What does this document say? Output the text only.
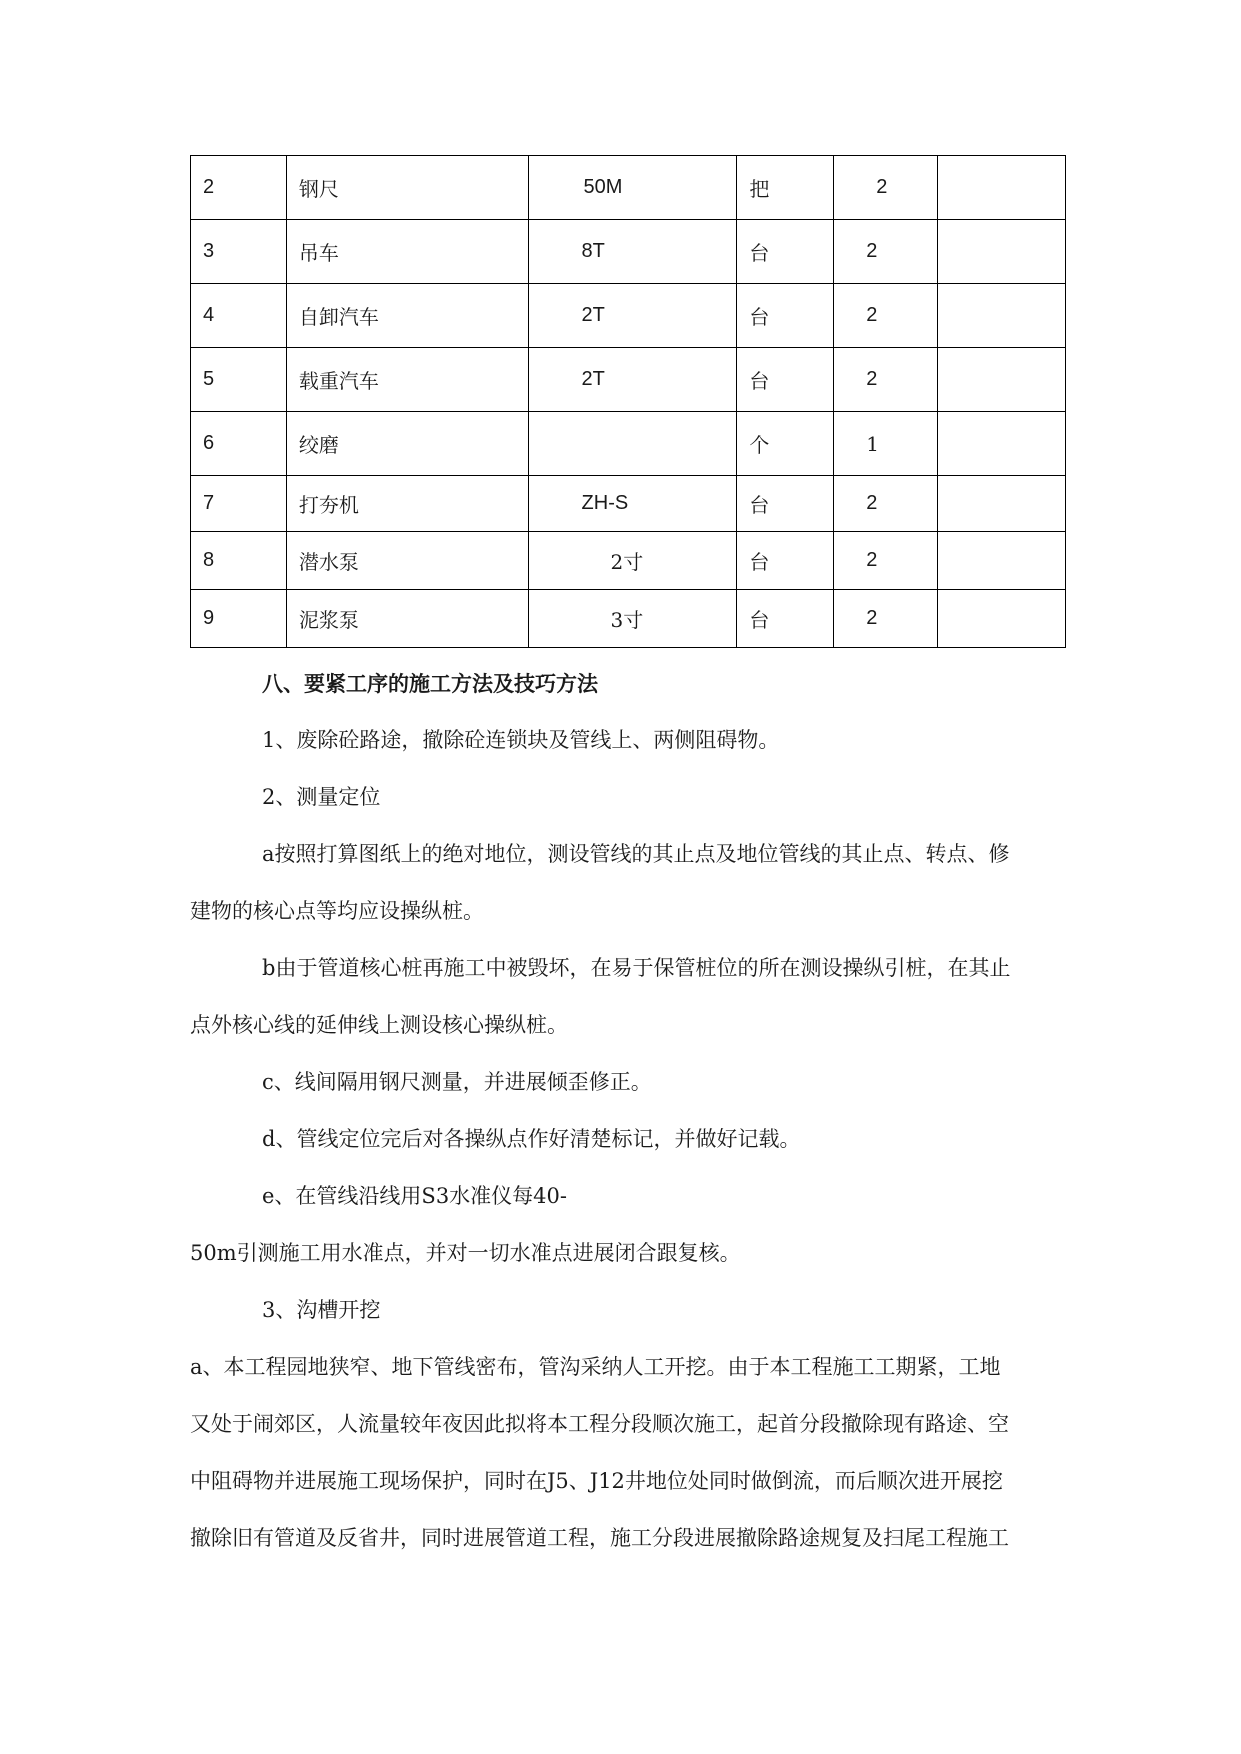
2	钢尺	50M	把	2	
3	吊车	8T	台	2	
4	自卸汽车	2T	台	2	
5	载重汽车	2T	台	2	
6	绞磨		个	1	
7	打夯机	ZH-S	台	2	
8	潜水泵	2寸	台	2	
9	泥浆泵	3寸	台	2	

八、要紧工序的施工方法及技巧方法

1、废除砼路途，撤除砼连锁块及管线上、两侧阻碍物。

2、测量定位

a按照打算图纸上的绝对地位，测设管线的其止点及地位管线的其止点、转点、修

建物的核心点等均应设操纵桩。

b由于管道核心桩再施工中被毁坏，在易于保管桩位的所在测设操纵引桩，在其止

点外核心线的延伸线上测设核心操纵桩。

c、线间隔用钢尺测量，并进展倾歪修正。

d、管线定位完后对各操纵点作好清楚标记，并做好记载。

e、在管线沿线用S3水准仪每40-

50m引测施工用水准点，并对一切水准点进展闭合跟复核。

3、沟槽开挖

a、本工程园地狭窄、地下管线密布，管沟采纳人工开挖。由于本工程施工工期紧，工地

又处于闹郊区，人流量较年夜因此拟将本工程分段顺次施工，起首分段撤除现有路途、空

中阻碍物并进展施工现场保护，同时在J5、J12井地位处同时做倒流，而后顺次进开展挖

撤除旧有管道及反省井，同时进展管道工程，施工分段进展撤除路途规复及扫尾工程施工
